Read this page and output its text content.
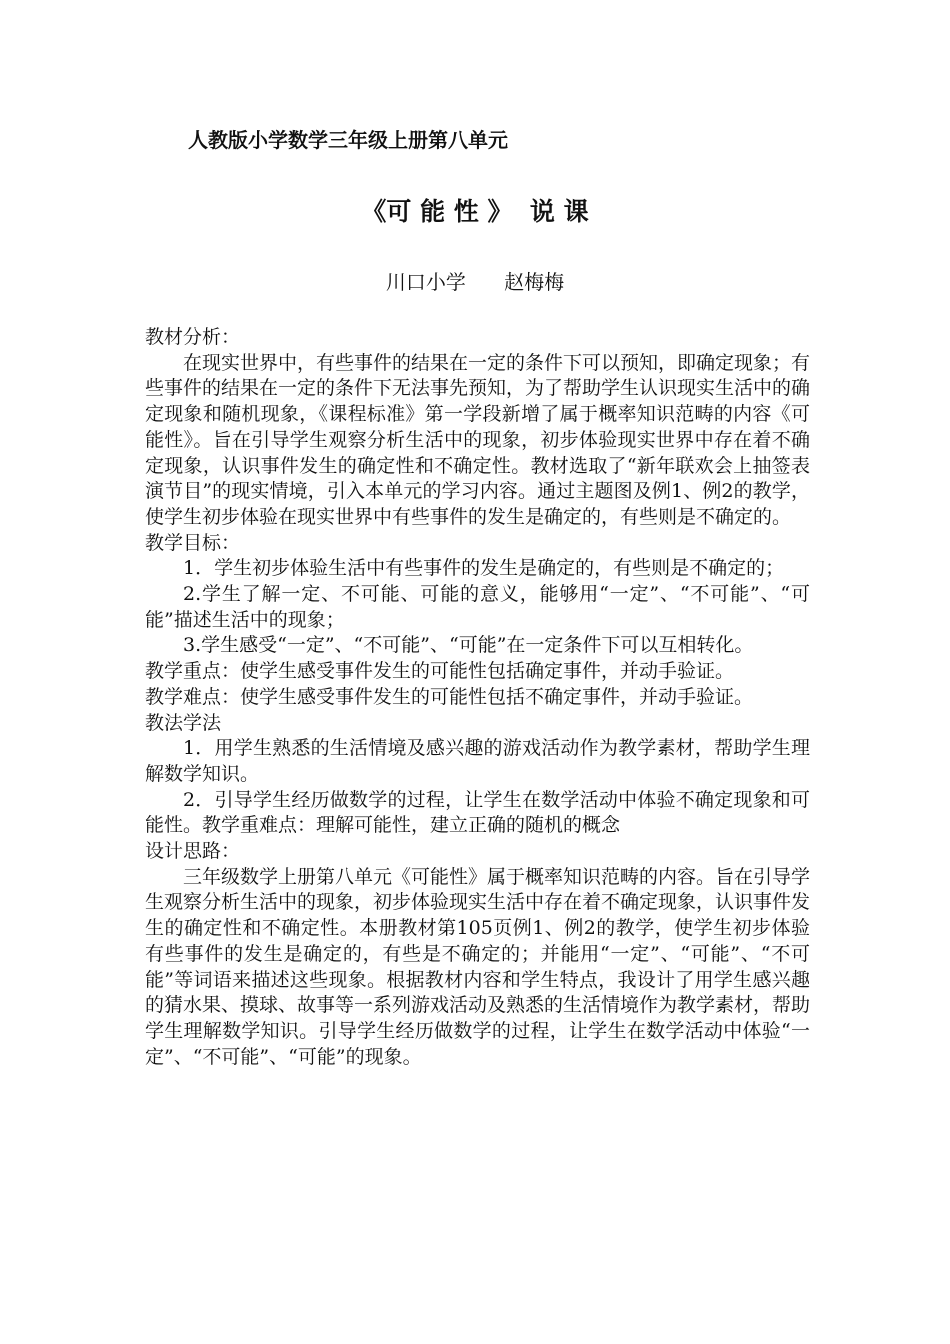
人教版小学数学三年级上册第八单元
《可 能 性 》  说 课
川口小学      赵梅梅

教材分析：

在现实世界中，有些事件的结果在一定的条件下可以预知，即确定现象；有些事件的结果在一定的条件下无法事先预知，为了帮助学生认识现实生活中的确定现象和随机现象，《课程标准》第一学段新增了属于概率知识范畴的内容《可能性》。旨在引导学生观察分析生活中的现象，初步体验现实世界中存在着不确定现象，认识事件发生的确定性和不确定性。教材选取了“新年联欢会上抽签表演节目”的现实情境，引入本单元的学习内容。通过主题图及例1、例2的教学，使学生初步体验在现实世界中有些事件的发生是确定的，有些则是不确定的。

教学目标：

1．学生初步体验生活中有些事件的发生是确定的，有些则是不确定的；

2.学生了解一定、不可能、可能的意义，能够用“一定”、“不可能”、“可能”描述生活中的现象；

3.学生感受“一定”、“不可能”、“可能”在一定条件下可以互相转化。

教学重点：使学生感受事件发生的可能性包括确定事件，并动手验证。

教学难点：使学生感受事件发生的可能性包括不确定事件，并动手验证。

教法学法

1．用学生熟悉的生活情境及感兴趣的游戏活动作为教学素材，帮助学生理解数学知识。

2．引导学生经历做数学的过程，让学生在数学活动中体验不确定现象和可能性。教学重难点：理解可能性，建立正确的随机的概念

设计思路：

三年级数学上册第八单元《可能性》属于概率知识范畴的内容。旨在引导学生观察分析生活中的现象，初步体验现实生活中存在着不确定现象，认识事件发生的确定性和不确定性。本册教材第105页例1、例2的教学，使学生初步体验有些事件的发生是确定的，有些是不确定的；并能用“一定”、“可能”、“不可能”等词语来描述这些现象。根据教材内容和学生特点，我设计了用学生感兴趣的猜水果、摸球、故事等一系列游戏活动及熟悉的生活情境作为教学素材，帮助学生理解数学知识。引导学生经历做数学的过程，让学生在数学活动中体验“一定”、“不可能”、“可能”的现象。
